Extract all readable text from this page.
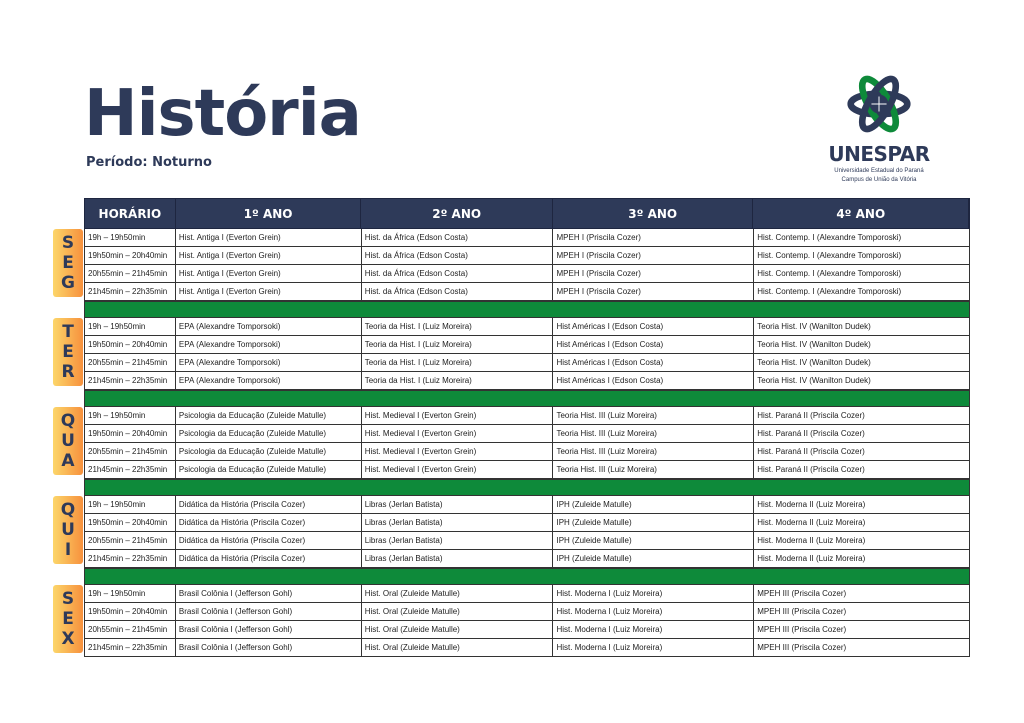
História
Período: Noturno	UNESPAR
Universidade Estadual do Paraná
Campus de União da Vitória
HORÁRIO	1º ANO	2º ANO	3º ANO	4º ANO
S
E
G
19h – 19h50min	Hist. Antiga I (Everton Grein)	Hist. da África (Edson Costa)	MPEH I (Priscila Cozer)	Hist. Contemp. I (Alexandre Tomporoski)
19h50min – 20h40min	Hist. Antiga I (Everton Grein)	Hist. da África (Edson Costa)	MPEH I (Priscila Cozer)	Hist. Contemp. I (Alexandre Tomporoski)
20h55min – 21h45min	Hist. Antiga I (Everton Grein)	Hist. da África (Edson Costa)	MPEH I (Priscila Cozer)	Hist. Contemp. I (Alexandre Tomporoski)
21h45min – 22h35min	Hist. Antiga I (Everton Grein)	Hist. da África (Edson Costa)	MPEH I (Priscila Cozer)	Hist. Contemp. I (Alexandre Tomporoski)
T
E
R
19h – 19h50min	EPA (Alexandre Tomporsoki)	Teoria da Hist. I (Luiz Moreira)	Hist Américas I (Edson Costa)	Teoria Hist. IV (Wanilton Dudek)
19h50min – 20h40min	EPA (Alexandre Tomporsoki)	Teoria da Hist. I (Luiz Moreira)	Hist Américas I (Edson Costa)	Teoria Hist. IV (Wanilton Dudek)
20h55min – 21h45min	EPA (Alexandre Tomporsoki)	Teoria da Hist. I (Luiz Moreira)	Hist Américas I (Edson Costa)	Teoria Hist. IV (Wanilton Dudek)
21h45min – 22h35min	EPA (Alexandre Tomporsoki)	Teoria da Hist. I (Luiz Moreira)	Hist Américas I (Edson Costa)	Teoria Hist. IV (Wanilton Dudek)
Q
U
A
19h – 19h50min	Psicologia da Educação (Zuleide Matulle)	Hist. Medieval I (Everton Grein)	Teoria Hist. III (Luiz Moreira)	Hist. Paraná II (Priscila Cozer)
19h50min – 20h40min	Psicologia da Educação (Zuleide Matulle)	Hist. Medieval I (Everton Grein)	Teoria Hist. III (Luiz Moreira)	Hist. Paraná II (Priscila Cozer)
20h55min – 21h45min	Psicologia da Educação (Zuleide Matulle)	Hist. Medieval I (Everton Grein)	Teoria Hist. III (Luiz Moreira)	Hist. Paraná II (Priscila Cozer)
21h45min – 22h35min	Psicologia da Educação (Zuleide Matulle)	Hist. Medieval I (Everton Grein)	Teoria Hist. III (Luiz Moreira)	Hist. Paraná II (Priscila Cozer)
Q
U
I
19h – 19h50min	Didática da História (Priscila Cozer)	Libras (Jerlan Batista)	IPH (Zuleide Matulle)	Hist. Moderna II (Luiz Moreira)
19h50min – 20h40min	Didática da História (Priscila Cozer)	Libras (Jerlan Batista)	IPH (Zuleide Matulle)	Hist. Moderna II (Luiz Moreira)
20h55min – 21h45min	Didática da História (Priscila Cozer)	Libras (Jerlan Batista)	IPH (Zuleide Matulle)	Hist. Moderna II (Luiz Moreira)
21h45min – 22h35min	Didática da História (Priscila Cozer)	Libras (Jerlan Batista)	IPH (Zuleide Matulle)	Hist. Moderna II (Luiz Moreira)
S
E
X
19h – 19h50min	Brasil Colônia I (Jefferson Gohl)	Hist. Oral (Zuleide Matulle)	Hist. Moderna I (Luiz Moreira)	MPEH III (Priscila Cozer)
19h50min – 20h40min	Brasil Colônia I (Jefferson Gohl)	Hist. Oral (Zuleide Matulle)	Hist. Moderna I (Luiz Moreira)	MPEH III (Priscila Cozer)
20h55min – 21h45min	Brasil Colônia I (Jefferson Gohl)	Hist. Oral (Zuleide Matulle)	Hist. Moderna I (Luiz Moreira)	MPEH III (Priscila Cozer)
21h45min – 22h35min	Brasil Colônia I (Jefferson Gohl)	Hist. Oral (Zuleide Matulle)	Hist. Moderna I (Luiz Moreira)	MPEH III (Priscila Cozer)
